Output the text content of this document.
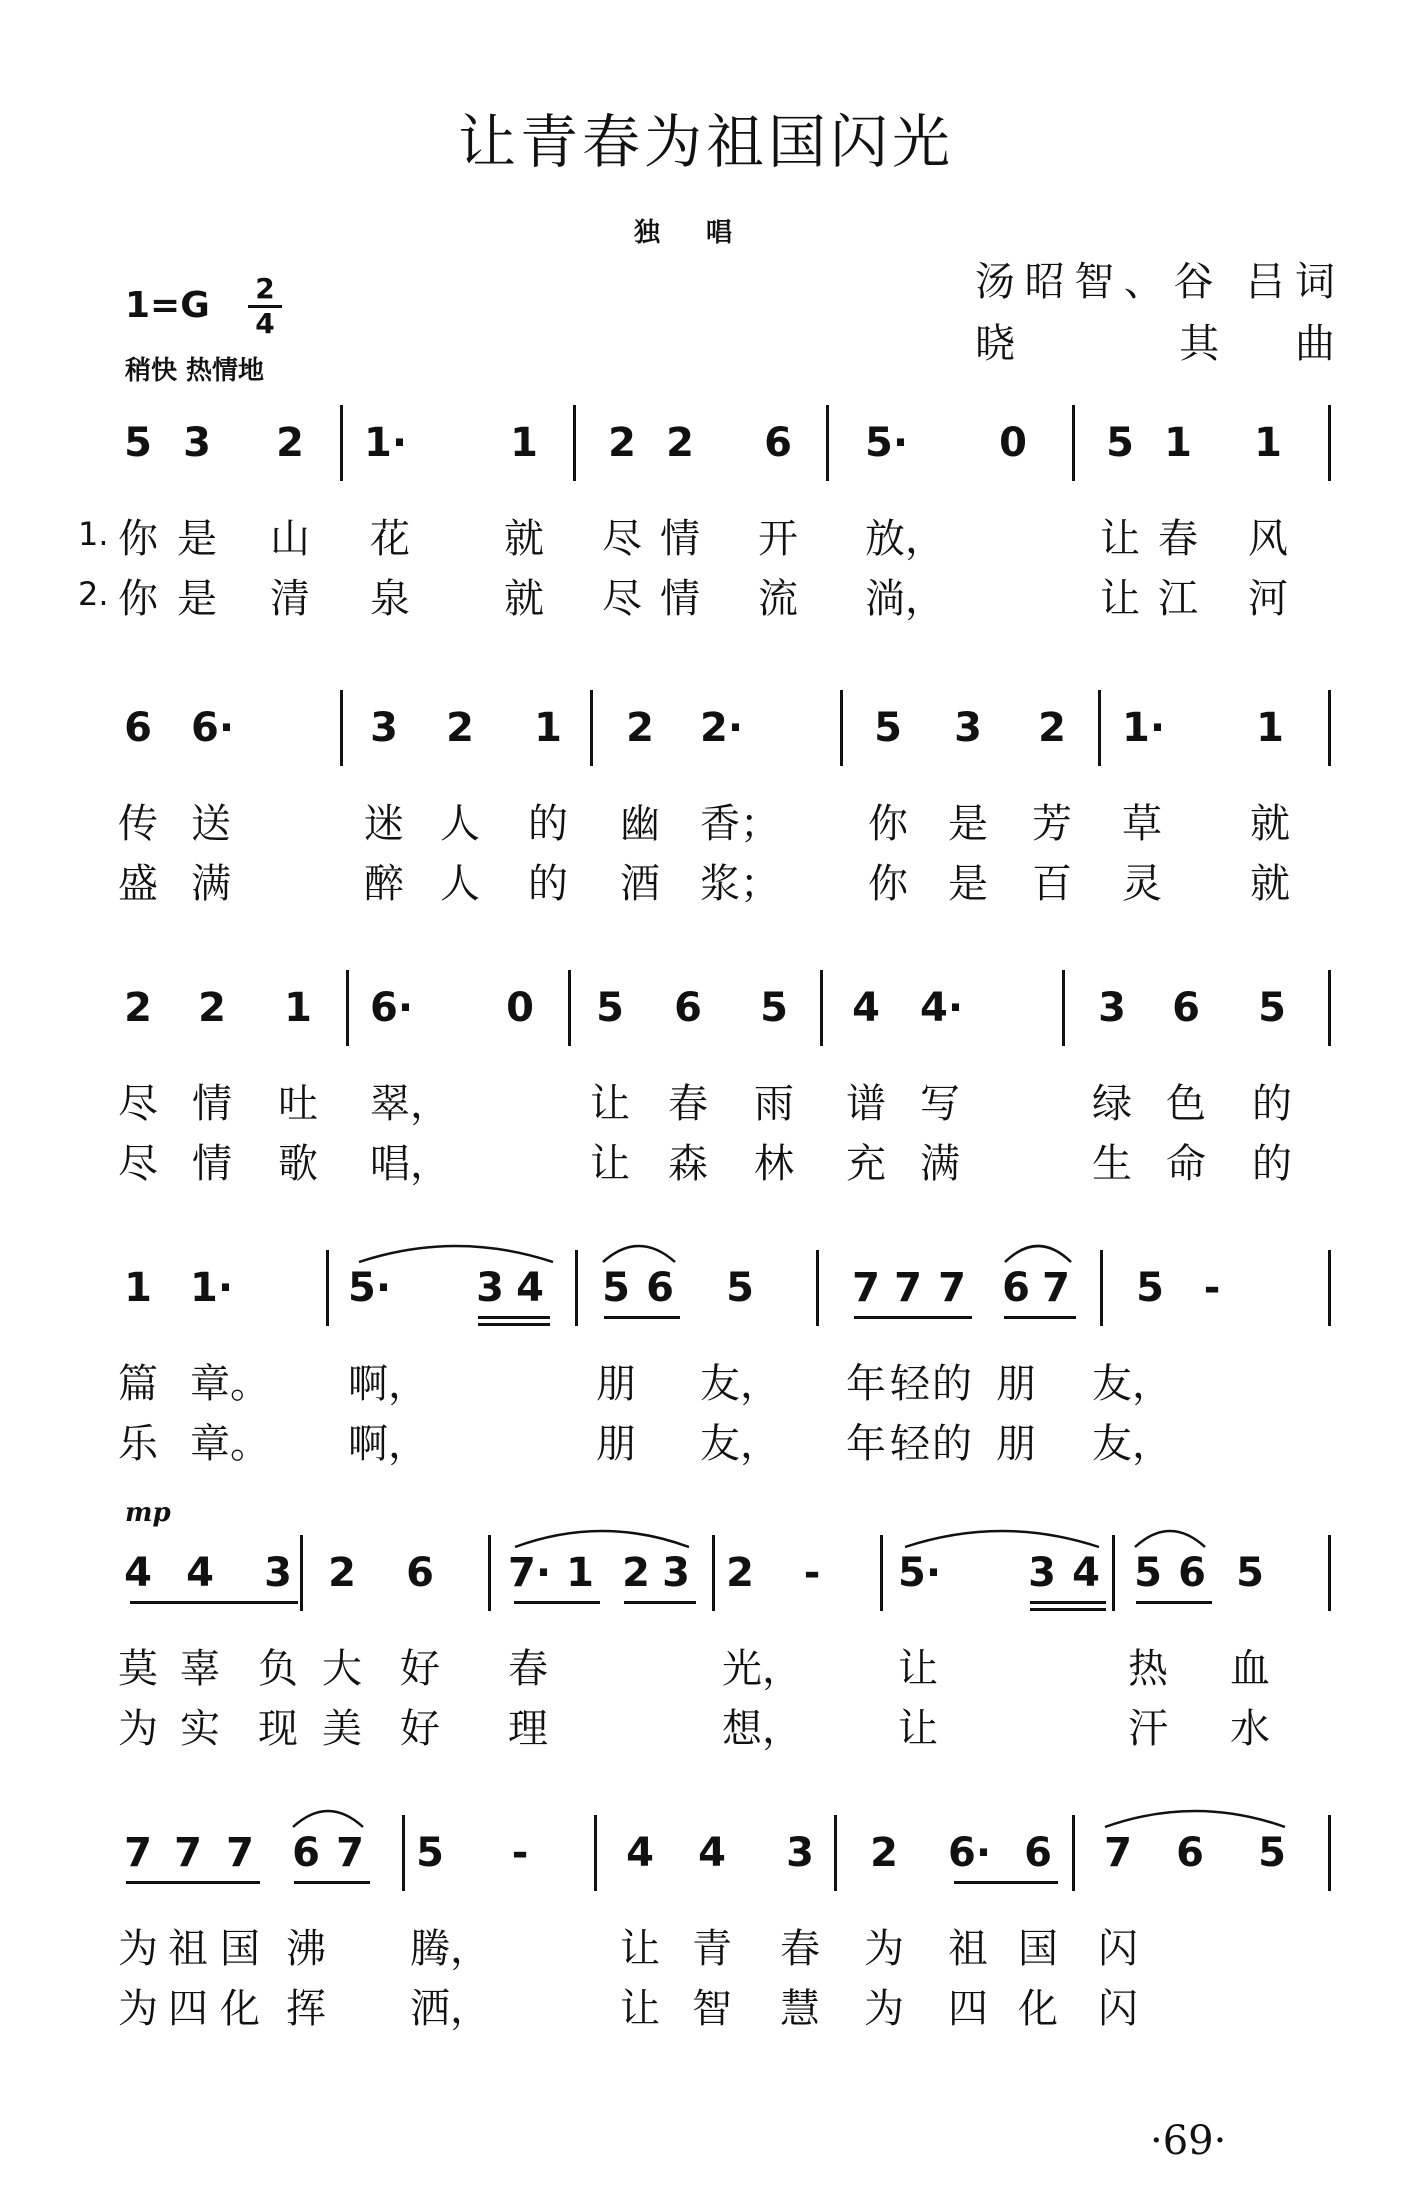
让青春为祖国闪光
独唱
汤昭智、谷 吕词
晓 其曲
1=G 2
4
稍快 热情地
mp
·69·
5 3 2 1·	1 2 2 6 5· 0 5 1 1
你 是 山 花 就 尽 情 开 放，	让 春 风
你 是 清 泉 就 尽 情 流 淌，	让 江 河
1.
2.
6 6·	3 2 1 2 2·	5 3 2 1· 1
传 送	迷 人 的 幽 香； 你 是 芳 草 就
盛 满	醉 人 的 酒 浆； 你 是 百 灵 就
2 2 1 6· 0 5 6 5 4 4·	3 6 5
尽 情 吐 翠，	让 春 雨 谱 写	绿 色 的
尽 情 歌 唱，	让 森 林 充 满	生 命 的
1 1·	5· 3 4 5 6 5 7 7 7 6 7 5 -
篇 章。 啊，	朋 友， 年 轻 的 朋 友，
乐 章。 啊，	朋 友， 年 轻 的 朋 友，
4 4 3 2 6 7· 1 2 3 2 - 5· 3 4 5 6 5
莫 辜 负 大 好 春	光， 让	热 血
为 实 现 美 好 理	想， 让	汗 水
7 7 7 6 7 5 - 4 4 3 2 6· 6 7 6 5
为 祖 国 沸 腾，	让 青 春 为 祖 国 闪
为 四 化 挥 洒，	让 智 慧 为 四 化 闪
